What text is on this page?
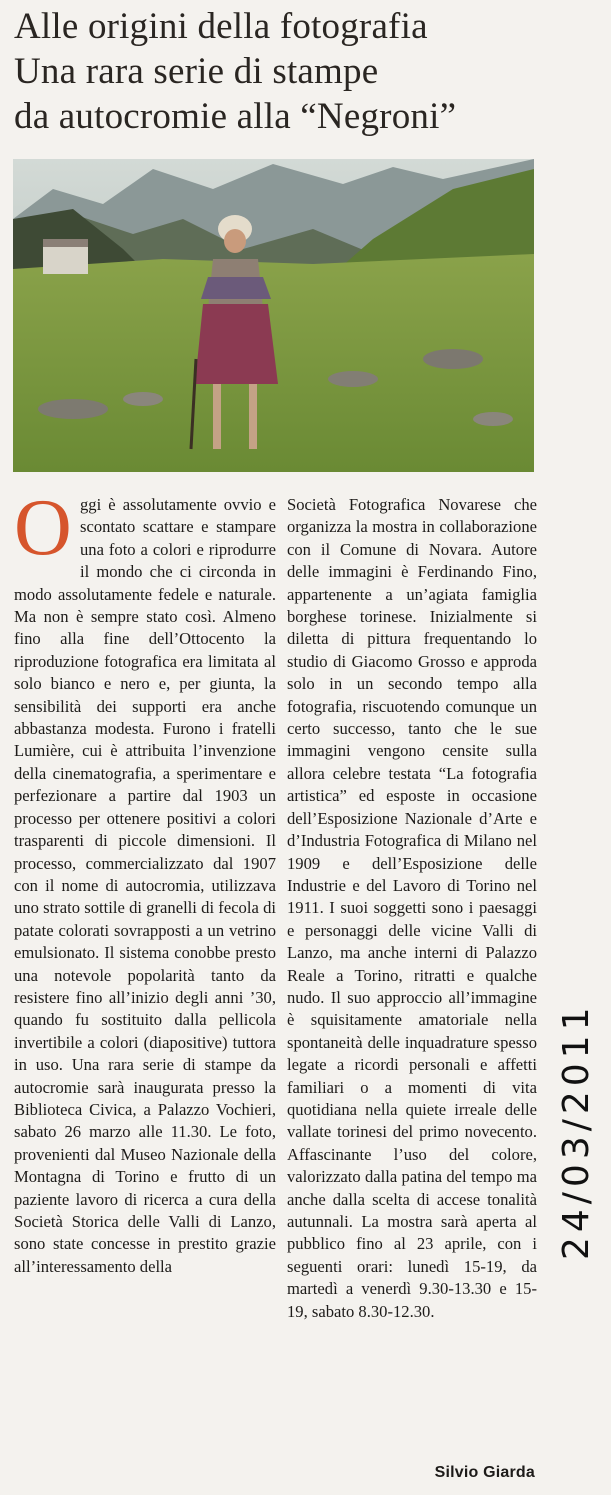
Alle origini della fotografia
Una rara serie di stampe
da autocromie alla “Negroni”
O ggi è assolutamente ovvio e scontato scattare e stampare una foto a colori e riprodurre il mondo che ci circonda in modo assolutamente fedele e naturale. Ma non è sempre stato così. Almeno fino alla fine dell’Ottocento la riproduzione fotografica era limitata al solo bianco e nero e, per giunta, la sensibilità dei supporti era anche abbastanza modesta. Furono i fratelli Lumière, cui è attribuita l’invenzione della cinematografia, a sperimentare e perfezionare a partire dal 1903 un processo per ottenere positivi a colori trasparenti di piccole dimensioni. Il processo, commercializzato dal 1907 con il nome di autocromia, utilizzava uno strato sottile di granelli di fecola di patate colorati sovrapposti a un vetrino emulsionato. Il sistema conobbe presto una notevole popolarità tanto da resistere fino all’inizio degli anni ’30, quando fu sostituito dalla pellicola invertibile a colori (diapositive) tuttora in uso. Una rara serie di stampe da autocromie sarà inaugurata presso la Biblioteca Civica, a Palazzo Vochieri, sabato 26 marzo alle 11.30. Le foto, provenienti dal Museo Nazionale della Montagna di Torino e frutto di un paziente lavoro di ricerca a cura della Società Storica delle Valli di Lanzo, sono state concesse in prestito grazie all’interessamento della

Società Fotografica Novarese che organizza la mostra in collaborazione con il Comune di Novara. Autore delle immagini è Ferdinando Fino, appartenente a un’agiata famiglia borghese torinese. Inizialmente si diletta di pittura frequentando lo studio di Giacomo Grosso e approda solo in un secondo tempo alla fotografia, riscuotendo comunque un certo successo, tanto che le sue immagini vengono censite sulla allora celebre testata “La fotografia artistica” ed esposte in occasione dell’Esposizione Nazionale d’Arte e d’Industria Fotografica di Milano nel 1909 e dell’Esposizione delle Industrie e del Lavoro di Torino nel 1911. I suoi soggetti sono i paesaggi e personaggi delle vicine Valli di Lanzo, ma anche interni di Palazzo Reale a Torino, ritratti e qualche nudo. Il suo approccio all’immagine è squisitamente amatoriale nella spontaneità delle inquadrature spesso legate a ricordi personali e affetti familiari o a momenti di vita quotidiana nella quiete irreale delle vallate torinesi del primo novecento. Affascinante l’uso del colore, valorizzato dalla patina del tempo ma anche dalla scelta di accese tonalità autunnali. La mostra sarà aperta al pubblico fino al 23 aprile, con i seguenti orari: lunedì 15-19, da martedì a venerdì 9.30-13.30 e 15-19, sabato 8.30-12.30.

Silvio Giarda
24/03/2011
